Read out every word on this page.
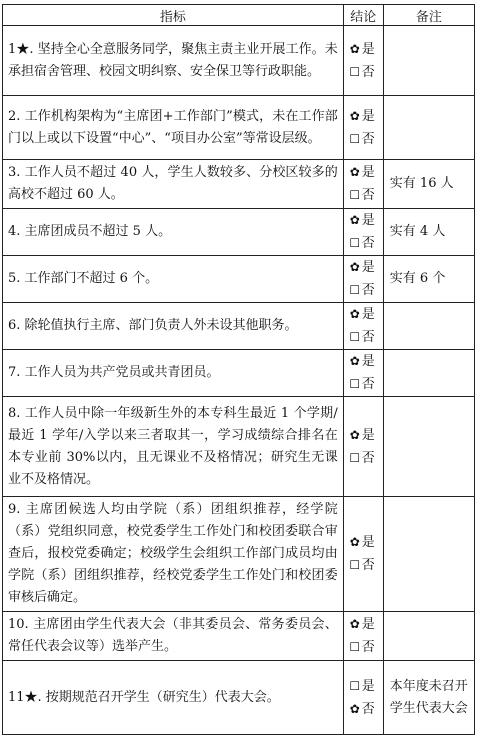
指标	结论	备注
1★. 坚持全心全意服务同学，聚焦主责主业开展工作。未承担宿舍管理、校园文明纠察、安全保卫等行政职能。	✿ 是
☐ 否	

2. 工作机构架构为“主席团+工作部门”模式，未在工作部门以上或以下设置“中心”、“项目办公室”等常设层级。	✿ 是
☐ 否	

3. 工作人员不超过 40 人，学生人数较多、分校区较多的高校不超过 60 人。	✿ 是
☐ 否	实有 16 人
4. 主席团成员不超过 5 人。	✿ 是
☐ 否	实有 4 人
5. 工作部门不超过 6 个。	✿ 是
☐ 否	实有 6 个
6. 除轮值执行主席、部门负责人外未设其他职务。	✿ 是
☐ 否	

7. 工作人员为共产党员或共青团员。	✿ 是
☐ 否	

8. 工作人员中除一年级新生外的本专科生最近 1 个学期/最近 1 学年/入学以来三者取其一，学习成绩综合排名在本专业前 30%以内，且无课业不及格情况；研究生无课业不及格情况。	✿ 是
☐ 否	

9. 主席团候选人均由学院（系）团组织推荐，经学院（系）党组织同意，校党委学生工作处门和校团委联合审查后，报校党委确定；校级学生会组织工作部门成员均由学院（系）团组织推荐，经校党委学生工作处门和校团委审核后确定。	✿ 是
☐ 否	

10. 主席团由学生代表大会（非其委员会、常务委员会、常任代表会议等）选举产生。	✿ 是
☐ 否	

11★. 按期规范召开学生（研究生）代表大会。	☐ 是
✿ 否	本年度未召开学生代表大会
